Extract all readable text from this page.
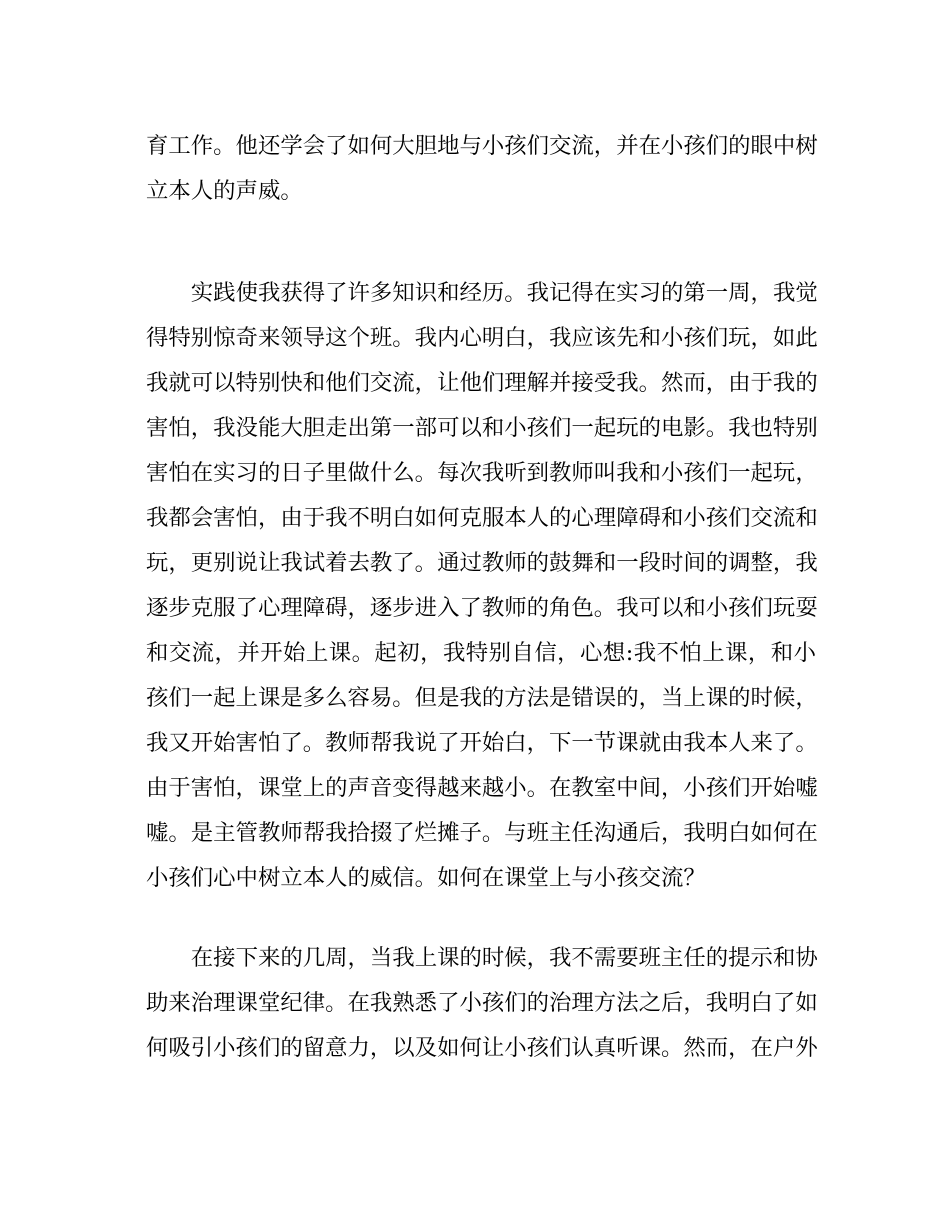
育工作。他还学会了如何大胆地与小孩们交流，并在小孩们的眼中树
立本人的声威。
实践使我获得了许多知识和经历。我记得在实习的第一周，我觉
得特别惊奇来领导这个班。我内心明白，我应该先和小孩们玩，如此
我就可以特别快和他们交流，让他们理解并接受我。然而，由于我的
害怕，我没能大胆走出第一部可以和小孩们一起玩的电影。我也特别
害怕在实习的日子里做什么。每次我听到教师叫我和小孩们一起玩，
我都会害怕，由于我不明白如何克服本人的心理障碍和小孩们交流和
玩，更别说让我试着去教了。通过教师的鼓舞和一段时间的调整，我
逐步克服了心理障碍，逐步进入了教师的角色。我可以和小孩们玩耍
和交流，并开始上课。起初，我特别自信，心想:我不怕上课，和小
孩们一起上课是多么容易。但是我的方法是错误的，当上课的时候，
我又开始害怕了。教师帮我说了开始白，下一节课就由我本人来了。
由于害怕，课堂上的声音变得越来越小。在教室中间，小孩们开始嘘
嘘。是主管教师帮我拾掇了烂摊子。与班主任沟通后，我明白如何在
小孩们心中树立本人的威信。如何在课堂上与小孩交流？
在接下来的几周，当我上课的时候，我不需要班主任的提示和协
助来治理课堂纪律。在我熟悉了小孩们的治理方法之后，我明白了如
何吸引小孩们的留意力，以及如何让小孩们认真听课。然而，在户外
